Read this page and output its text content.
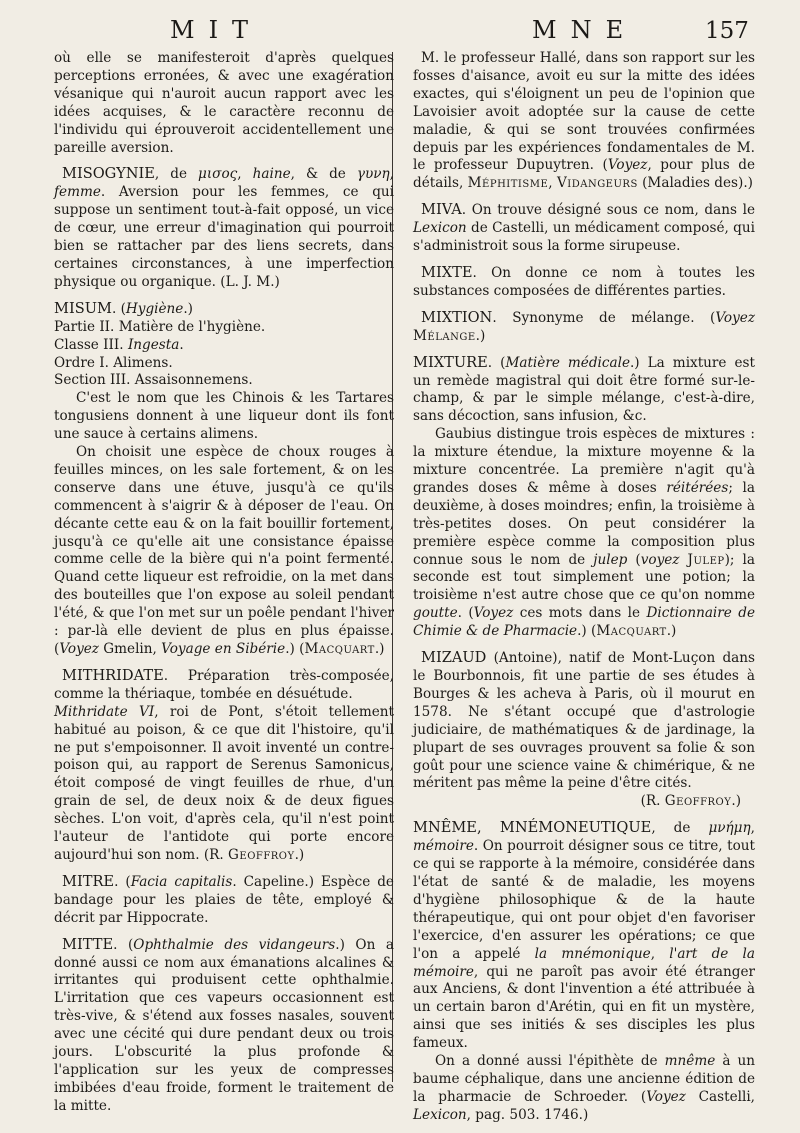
MIT	MNE	157

où elle se manifesteroit d'après quelques perceptions erronées, & avec une exagération vésanique qui n'auroit aucun rapport avec les idées acquises, & le caractère reconnu de l'individu qui éprouveroit accidentellement une pareille aversion.

MISOGYNIE, de μισος, haine, & de γυνη, femme. Aversion pour les femmes, ce qui suppose un sentiment tout-à-fait opposé, un vice de cœur, une erreur d'imagination qui pourroit bien se rattacher par des liens secrets, dans certaines circonstances, à une imperfection physique ou organique. (L. J. M.)

MISUM. (Hygiène.)

Partie II. Matière de l'hygiène.

Classe III. Ingesta.

Ordre I. Alimens.

Section III. Assaisonnemens.

C'est le nom que les Chinois & les Tartares tongusiens donnent à une liqueur dont ils font une sauce à certains alimens.

On choisit une espèce de choux rouges à feuilles minces, on les sale fortement, & on les conserve dans une étuve, jusqu'à ce qu'ils commencent à s'aigrir & à déposer de l'eau. On décante cette eau & on la fait bouillir fortement, jusqu'à ce qu'elle ait une consistance épaisse comme celle de la bière qui n'a point fermenté. Quand cette liqueur est refroidie, on la met dans des bouteilles que l'on expose au soleil pendant l'été, & que l'on met sur un poêle pendant l'hiver : par-là elle devient de plus en plus épaisse. (Voyez Gmelin, Voyage en Sibérie.) (Macquart.)

MITHRIDATE. Préparation très-composée, comme la thériaque, tombée en désuétude.
Mithridate VI, roi de Pont, s'étoit tellement habitué au poison, & ce que dit l'histoire, qu'il ne put s'empoisonner. Il avoit inventé un contre-poison qui, au rapport de Serenus Samonicus, étoit composé de vingt feuilles de rhue, d'un grain de sel, de deux noix & de deux figues sèches. L'on voit, d'après cela, qu'il n'est point l'auteur de l'antidote qui porte encore aujourd'hui son nom. (R. Geoffroy.)

MITRE. (Facia capitalis. Capeline.) Espèce de bandage pour les plaies de tête, employé & décrit par Hippocrate.

MITTE. (Ophthalmie des vidangeurs.) On a donné aussi ce nom aux émanations alcalines & irritantes qui produisent cette ophthalmie. L'irritation que ces vapeurs occasionnent est très-vive, & s'étend aux fosses nasales, souvent avec une cécité qui dure pendant deux ou trois jours. L'obscurité la plus profonde & l'application sur les yeux de compresses imbibées d'eau froide, forment le traitement de la mitte.

M. le professeur Hallé, dans son rapport sur les fosses d'aisance, avoit eu sur la mitte des idées exactes, qui s'éloignent un peu de l'opinion que Lavoisier avoit adoptée sur la cause de cette maladie, & qui se sont trouvées confirmées depuis par les expériences fondamentales de M. le professeur Dupuytren. (Voyez, pour plus de détails, Méphitisme, Vidangeurs (Maladies des).)

MIVA. On trouve désigné sous ce nom, dans le Lexicon de Castelli, un médicament composé, qui s'administroit sous la forme sirupeuse.

MIXTE. On donne ce nom à toutes les substances composées de différentes parties.

MIXTION. Synonyme de mélange. (Voyez Mélange.)

MIXTURE. (Matière médicale.) La mixture est un remède magistral qui doit être formé sur-le-champ, & par le simple mélange, c'est-à-dire, sans décoction, sans infusion, &c.

Gaubius distingue trois espèces de mixtures : la mixture étendue, la mixture moyenne & la mixture concentrée. La première n'agit qu'à grandes doses & même à doses réitérées; la deuxième, à doses moindres; enfin, la troisième à très-petites doses. On peut considérer la première espèce comme la composition plus connue sous le nom de julep (voyez Julep); la seconde est tout simplement une potion; la troisième n'est autre chose que ce qu'on nomme goutte. (Voyez ces mots dans le Dictionnaire de Chimie & de Pharmacie.) (Macquart.)

MIZAUD (Antoine), natif de Mont-Luçon dans le Bourbonnois, fit une partie de ses études à Bourges & les acheva à Paris, où il mourut en 1578. Ne s'étant occupé que d'astrologie judiciaire, de mathématiques & de jardinage, la plupart de ses ouvrages prouvent sa folie & son goût pour une science vaine & chimérique, & ne méritent pas même la peine d'être cités.

(R. Geoffroy.)

MNÊME, MNÉMONEUTIQUE, de μνήμη, mémoire. On pourroit désigner sous ce titre, tout ce qui se rapporte à la mémoire, considérée dans l'état de santé & de maladie, les moyens d'hygiène philosophique & de la haute thérapeutique, qui ont pour objet d'en favoriser l'exercice, d'en assurer les opérations; ce que l'on a appelé la mnémonique, l'art de la mémoire, qui ne paroît pas avoir été étranger aux Anciens, & dont l'invention a été attribuée à un certain baron d'Arétin, qui en fit un mystère, ainsi que ses initiés & ses disciples les plus fameux.

On a donné aussi l'épithète de mnême à un baume céphalique, dans une ancienne édition de la pharmacie de Schroeder. (Voyez Castelli, Lexicon, pag. 503. 1746.)
